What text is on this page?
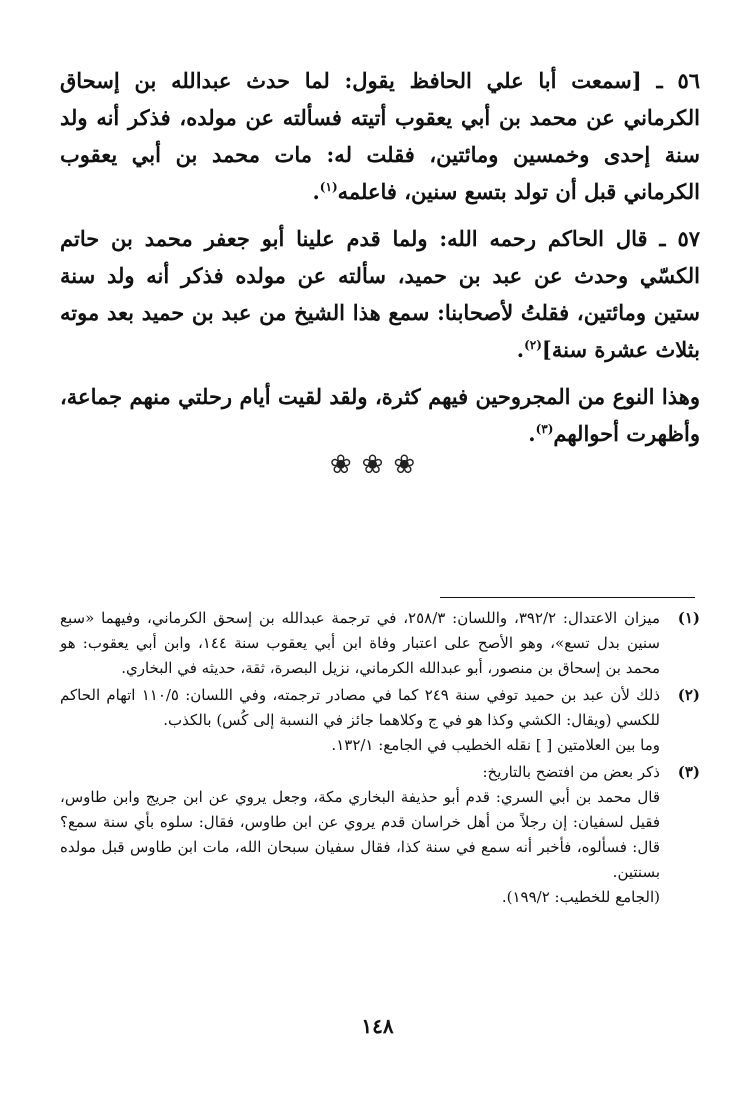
٥٦ ـ [سمعت أبا علي الحافظ يقول: لما حدث عبدالله بن إسحاق الكرماني عن محمد بن أبي يعقوب أتيته فسألته عن مولده، فذكر أنه ولد سنة إحدى وخمسين ومائتين، فقلت له: مات محمد بن أبي يعقوب الكرماني قبل أن تولد بتسع سنين، فاعلمه$^{(١)}$.

٥٧ ـ قال الحاكم رحمه الله: ولما قدم علينا أبو جعفر محمد بن حاتم الكسّي وحدث عن عبد بن حميد، سألته عن مولده فذكر أنه ولد سنة ستين ومائتين، فقلتُ لأصحابنا: سمع هذا الشيخ من عبد بن حميد بعد موته بثلاث عشرة سنة]$^{(٢)}$.

وهذا النوع من المجروحين فيهم كثرة، ولقد لقيت أيام رحلتي منهم جماعة، وأظهرت أحوالهم$^{(٣)}$.

❀❀❀
(١)

ميزان الاعتدال: ٣٩٢/٢، واللسان: ٢٥٨/٣، في ترجمة عبدالله بن إسحق الكرماني، وفيهما «سبع سنين بدل تسع»، وهو الأصح على اعتبار وفاة ابن أبي يعقوب سنة ١٤٤، وابن أبي يعقوب: هو محمد بن إسحاق بن منصور، أبو عبدالله الكرماني، نزيل البصرة، ثقة، حديثه في البخاري.

(٢)

ذلك لأن عبد بن حميد توفي سنة ٢٤٩ كما في مصادر ترجمته، وفي اللسان: ١١٠/٥ اتهام الحاكم للكسي (ويقال: الكشي وكذا هو في ج وكلاهما جائز في النسبة إلى كُس) بالكذب.

وما بين العلامتين [ ] نقله الخطيب في الجامع: ١٣٢/١.

(٣)

ذكر بعض من افتضح بالتاريخ:

قال محمد بن أبي السري: قدم أبو حذيفة البخاري مكة، وجعل يروي عن ابن جريج وابن طاوس، فقيل لسفيان: إن رجلاً من أهل خراسان قدم يروي عن ابن طاوس، فقال: سلوه بأي سنة سمع؟ قال: فسألوه، فأخبر أنه سمع في سنة كذا، فقال سفيان سبحان الله، مات ابن طاوس قبل مولده بسنتين.

(الجامع للخطيب: ١٩٩/٢).

١٤٨
